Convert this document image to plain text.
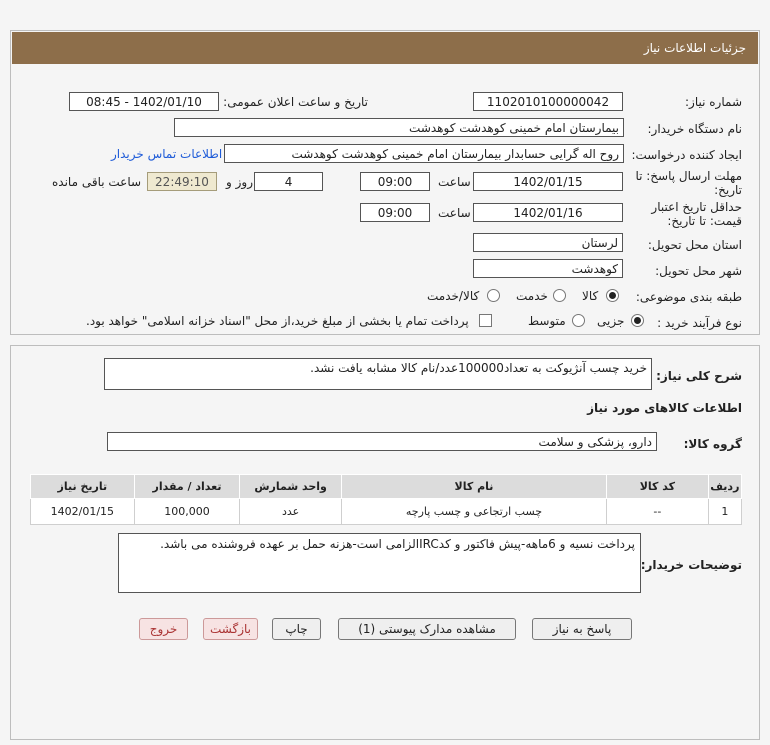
جزئیات اطلاعات نیاز
شماره نیاز:
1102010100000042
تاریخ و ساعت اعلان عمومی:
1402/01/10 - 08:45
نام دستگاه خریدار:
بیمارستان امام خمینی کوهدشت کوهدشت
ایجاد کننده درخواست:
روح اله گرایی حسابدار بیمارستان امام خمینی کوهدشت کوهدشت
اطلاعات تماس خریدار
مهلت ارسال پاسخ: تا
تاریخ:
1402/01/15
ساعت
09:00
4
روز و
22:49:10
ساعت باقی مانده
حداقل تاریخ اعتبار
قیمت: تا تاریخ:
1402/01/16
ساعت
09:00
استان محل تحویل:
لرستان
شهر محل تحویل:
کوهدشت
طبقه بندی موضوعی:
کالا
خدمت
کالا/خدمت
نوع فرآیند خرید :
جزیی
متوسط
پرداخت تمام یا بخشی از مبلغ خرید،از محل "اسناد خزانه اسلامی" خواهد بود.
شرح کلی نیاز:
خرید چسب آنژیوکت به تعداد100000عدد/نام کالا مشابه یافت نشد.
اطلاعات کالاهای مورد نیاز
گروه کالا:
دارو، پزشکی و سلامت
ردیف	کد کالا	نام کالا	واحد شمارش	تعداد / مقدار	تاریخ نیاز
1	--	چسب ارتجاعی و چسب پارچه	عدد	100,000	1402/01/15
توضیحات خریدار:
پرداخت نسیه و 6ماهه-پیش فاکتور و کدIRCالزامی است-هزنه حمل بر عهده فروشنده می باشد.
پاسخ به نیاز
مشاهده مدارک پیوستی (1)
چاپ
بازگشت
خروج
